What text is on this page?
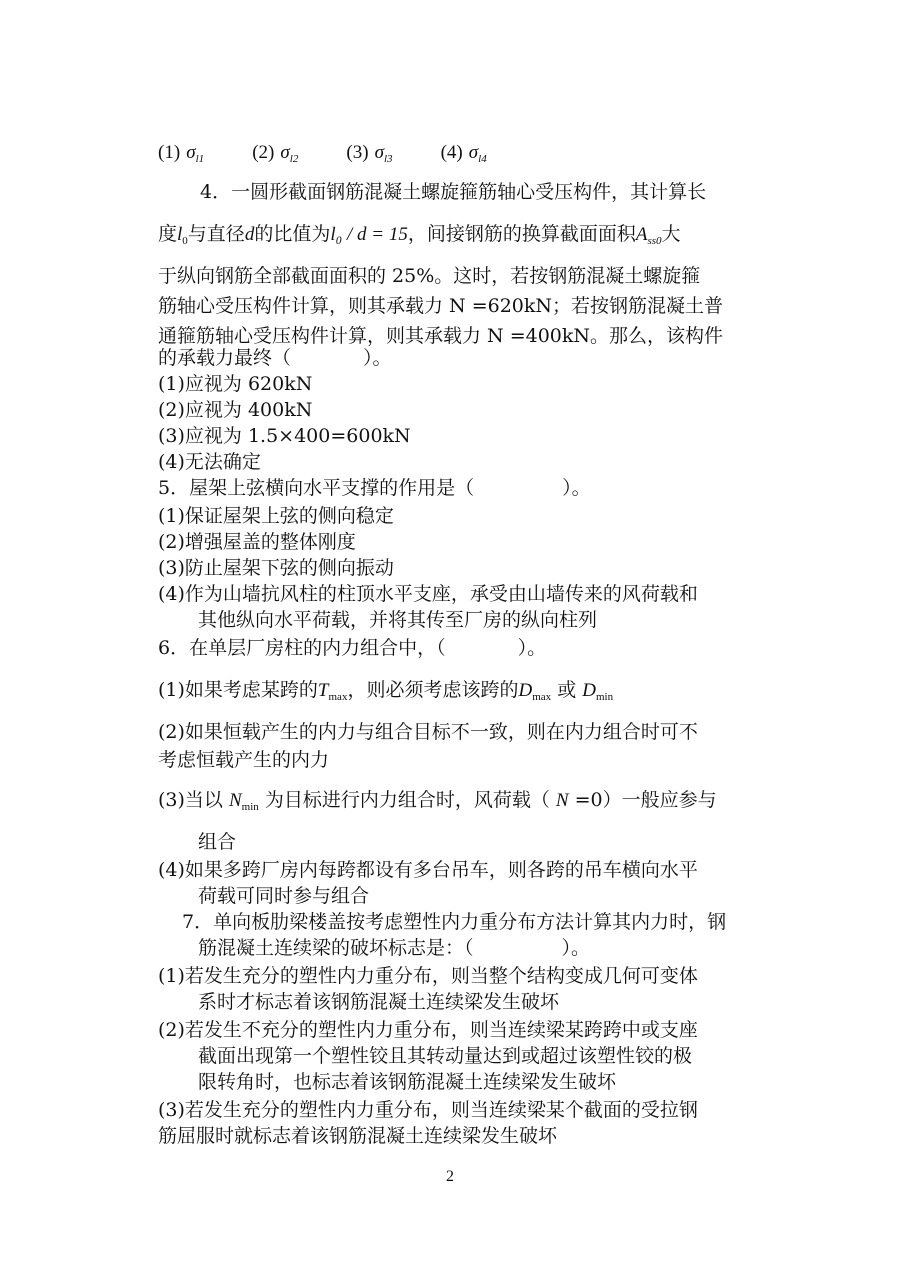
(1) $\sigma_{l1}$	(2) $\sigma_{l2}$	(3) $\sigma_{l3}$	(4) $\sigma_{l4}$
4．一圆形截面钢筋混凝土螺旋箍筋轴心受压构件，其计算长
度$l_0$与直径d的比值为l₀ / d = 15，间接钢筋的换算截面面积$A_{ss0}$大
于纵向钢筋全部截面面积的 25%。这时，若按钢筋混凝土螺旋箍
筋轴心受压构件计算，则其承载力 N =620kN；若按钢筋混凝土普
通箍筋轴心受压构件计算，则其承载力 N =400kN。那么，该构件
的承载力最终（	）。
(1)应视为 620kN
(2)应视为 400kN
(3)应视为 1.5×400=600kN
(4)无法确定
5．屋架上弦横向水平支撑的作用是（	）。
(1)保证屋架上弦的侧向稳定
(2)增强屋盖的整体刚度
(3)防止屋架下弦的侧向振动
(4)作为山墙抗风柱的柱顶水平支座，承受由山墙传来的风荷载和
其他纵向水平荷载，并将其传至厂房的纵向柱列
6．在单层厂房柱的内力组合中，（	）。
(1)如果考虑某跨的$T_{max}$，则必须考虑该跨的$D_{max}$ 或 $D_{min}$
(2)如果恒载产生的内力与组合目标不一致，则在内力组合时可不
考虑恒载产生的内力
(3)当以 $N_{min}$ 为目标进行内力组合时，风荷载（ N =0）一般应参与
组合
(4)如果多跨厂房内每跨都设有多台吊车，则各跨的吊车横向水平
荷载可同时参与组合
7．单向板肋梁楼盖按考虑塑性内力重分布方法计算其内力时，钢
筋混凝土连续梁的破坏标志是：（	）。
(1)若发生充分的塑性内力重分布，则当整个结构变成几何可变体
系时才标志着该钢筋混凝土连续梁发生破坏
(2)若发生不充分的塑性内力重分布，则当连续梁某跨跨中或支座
截面出现第一个塑性铰且其转动量达到或超过该塑性铰的极
限转角时，也标志着该钢筋混凝土连续梁发生破坏
(3)若发生充分的塑性内力重分布，则当连续梁某个截面的受拉钢
筋屈服时就标志着该钢筋混凝土连续梁发生破坏
2
